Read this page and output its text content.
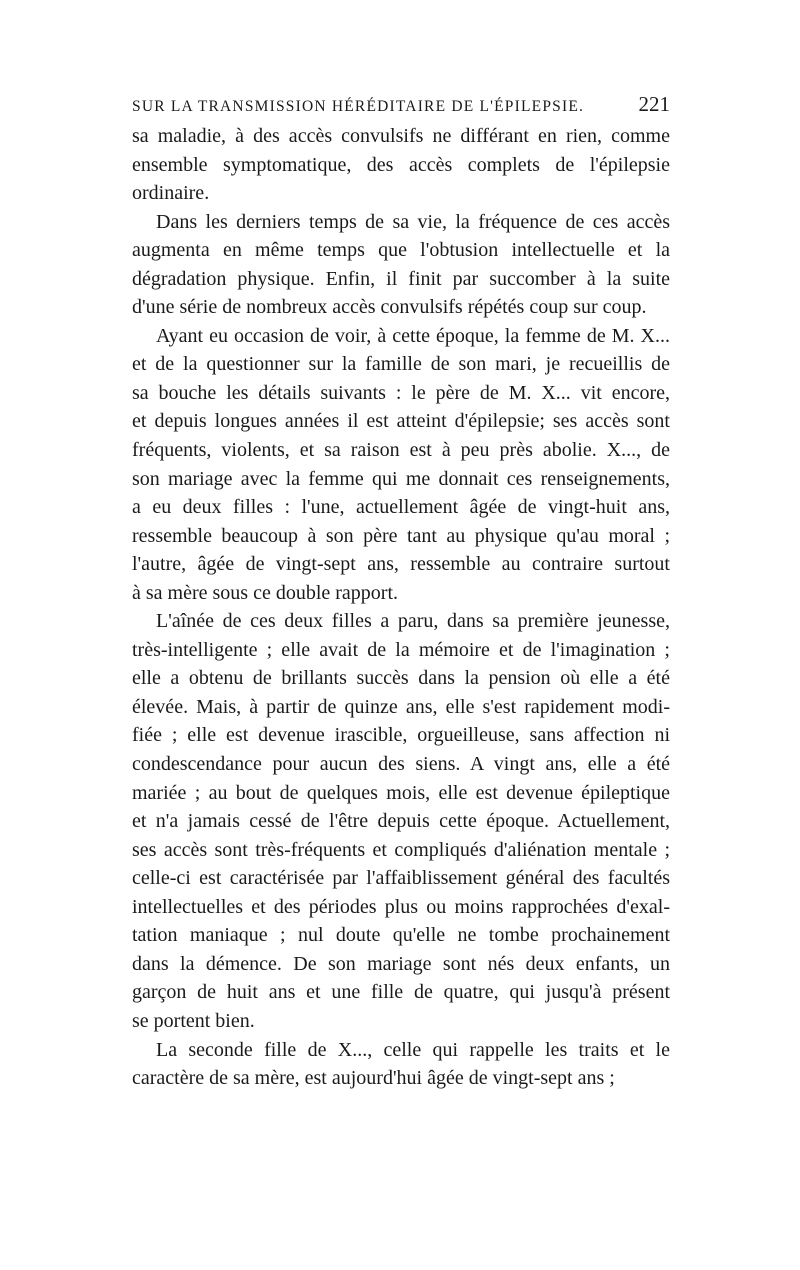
SUR LA TRANSMISSION HÉRÉDITAIRE DE L'ÉPILEPSIE.	221
sa maladie, à des accès convulsifs ne différant en rien, comme
ensemble symptomatique, des accès complets de l'épilepsie
ordinaire.
Dans les derniers temps de sa vie, la fréquence de ces accès
augmenta en même temps que l'obtusion intellectuelle et la
dégradation physique. Enfin, il finit par succomber à la suite
d'une série de nombreux accès convulsifs répétés coup sur coup.
Ayant eu occasion de voir, à cette époque, la femme de M. X...
et de la questionner sur la famille de son mari, je recueillis de
sa bouche les détails suivants : le père de M. X... vit encore,
et depuis longues années il est atteint d'épilepsie; ses accès sont
fréquents, violents, et sa raison est à peu près abolie. X..., de
son mariage avec la femme qui me donnait ces renseignements,
a eu deux filles : l'une, actuellement âgée de vingt-huit ans,
ressemble beaucoup à son père tant au physique qu'au moral ;
l'autre, âgée de vingt-sept ans, ressemble au contraire surtout
à sa mère sous ce double rapport.
L'aînée de ces deux filles a paru, dans sa première jeunesse,
très-intelligente ; elle avait de la mémoire et de l'imagination ;
elle a obtenu de brillants succès dans la pension où elle a été
élevée. Mais, à partir de quinze ans, elle s'est rapidement modi-
fiée ; elle est devenue irascible, orgueilleuse, sans affection ni
condescendance pour aucun des siens. A vingt ans, elle a été
mariée ; au bout de quelques mois, elle est devenue épileptique
et n'a jamais cessé de l'être depuis cette époque. Actuellement,
ses accès sont très-fréquents et compliqués d'aliénation mentale ;
celle-ci est caractérisée par l'affaiblissement général des facultés
intellectuelles et des périodes plus ou moins rapprochées d'exal-
tation maniaque ; nul doute qu'elle ne tombe prochainement
dans la démence. De son mariage sont nés deux enfants, un
garçon de huit ans et une fille de quatre, qui jusqu'à présent
se portent bien.
La seconde fille de X..., celle qui rappelle les traits et le
caractère de sa mère, est aujourd'hui âgée de vingt-sept ans ;
